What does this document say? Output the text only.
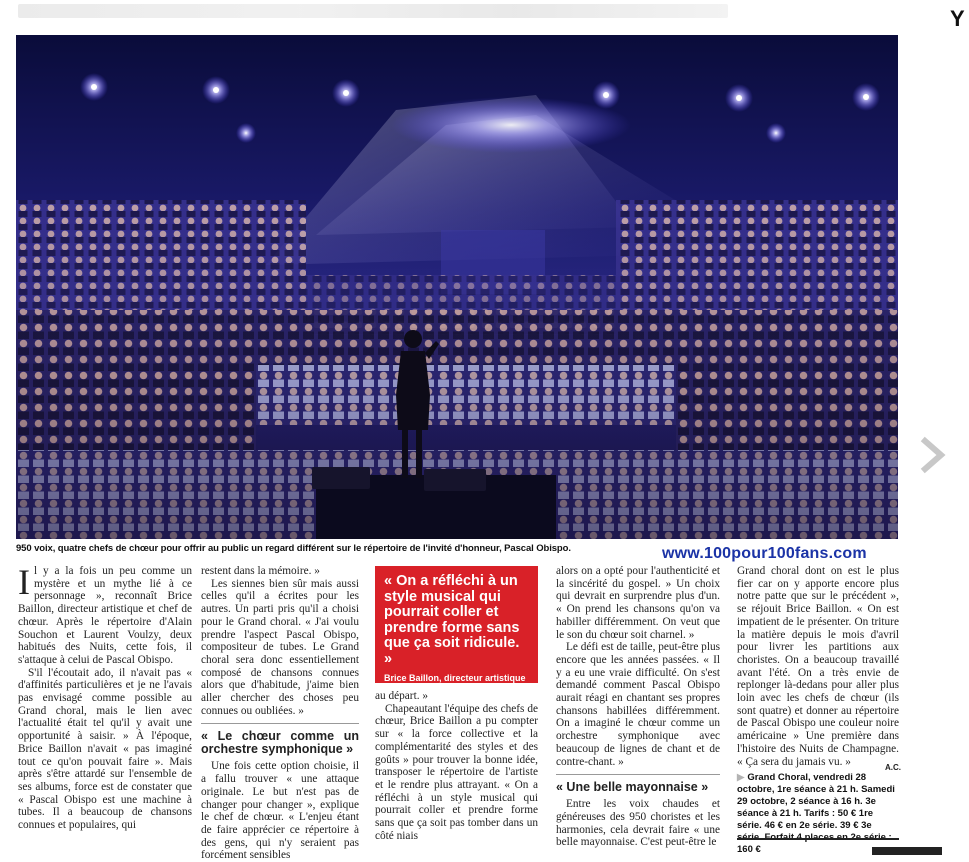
Y
950 voix, quatre chefs de chœur pour offrir au public un regard différent sur le répertoire de l'invité d'honneur, Pascal Obispo.	www.100pour100fans.com

Il y a la fois un peu comme un mystère et un mythe lié à ce personnage », reconnaît Brice Baillon, directeur artistique et chef de chœur. Après le répertoire d'Alain Souchon et Laurent Voulzy, deux habitués des Nuits, cette fois, il s'attaque à celui de Pascal Obispo.

S'il l'écoutait ado, il n'avait pas « d'affinités particulières et je ne l'avais pas envisagé comme possible au Grand choral, mais le lien avec l'actualité était tel qu'il y avait une opportunité à saisir. » À l'époque, Brice Baillon n'avait « pas imaginé tout ce qu'on pouvait faire ». Mais après s'être attardé sur l'ensemble de ses albums, force est de constater que « Pascal Obispo est une machine à tubes. Il a beaucoup de chansons connues et populaires, qui

restent dans la mémoire. »

Les siennes bien sûr mais aussi celles qu'il a écrites pour les autres. Un parti pris qu'il a choisi pour le Grand choral. « J'ai voulu prendre l'aspect Pascal Obispo, compositeur de tubes. Le Grand choral sera donc essentiellement composé de chansons connues alors que d'habitude, j'aime bien aller chercher des choses peu connues ou oubliées. »

« Le chœur comme un orchestre symphonique »

Une fois cette option choisie, il a fallu trouver « une attaque originale. Le but n'est pas de changer pour changer », explique le chef de chœur. « L'enjeu étant de faire apprécier ce répertoire à des gens, qui n'y seraient pas forcément sensibles

« On a réfléchi à un style musical qui pourrait coller et prendre forme sans que ça soit ridicule. »
Brice Baillon, directeur artistique

au départ. »

Chapeautant l'équipe des chefs de chœur, Brice Baillon a pu compter sur « la force collective et la complémentarité des styles et des goûts » pour trouver la bonne idée, transposer le répertoire de l'artiste et le rendre plus attrayant. « On a réfléchi à un style musical qui pourrait coller et prendre forme sans que ça soit pas tomber dans un côté niais

alors on a opté pour l'authenticité et la sincérité du gospel. » Un choix qui devrait en surprendre plus d'un. « On prend les chansons qu'on va habiller différemment. On veut que le son du chœur soit charnel. »

Le défi est de taille, peut-être plus encore que les années passées. « Il y a eu une vraie difficulté. On s'est demandé comment Pascal Obispo aurait réagi en chantant ses propres chansons habillées différemment. On a imaginé le chœur comme un orchestre symphonique avec beaucoup de lignes de chant et de contre-chant. »

« Une belle mayonnaise »

Entre les voix chaudes et généreuses des 950 choristes et les harmonies, cela devrait faire « une belle mayonnaise. C'est peut-être le

Grand choral dont on est le plus fier car on y apporte encore plus notre patte que sur le précédent », se réjouit Brice Baillon. « On est impatient de le présenter. On triture la matière depuis le mois d'avril pour livrer les partitions aux choristes. On a beaucoup travaillé avant l'été. On a très envie de replonger là-dedans pour aller plus loin avec les chefs de chœur (ils sont quatre) et donner au répertoire de Pascal Obispo une couleur noire américaine » Une première dans l'histoire des Nuits de Champagne. « Ça sera du jamais vu. »	A.C.
▶ Grand Choral, vendredi 28 octobre, 1re séance à 21 h. Samedi 29 octobre, 2 séance à 16 h. 3e séance à 21 h. Tarifs : 50 € 1re série. 46 € en 2e série. 39 € 3e 160 €
